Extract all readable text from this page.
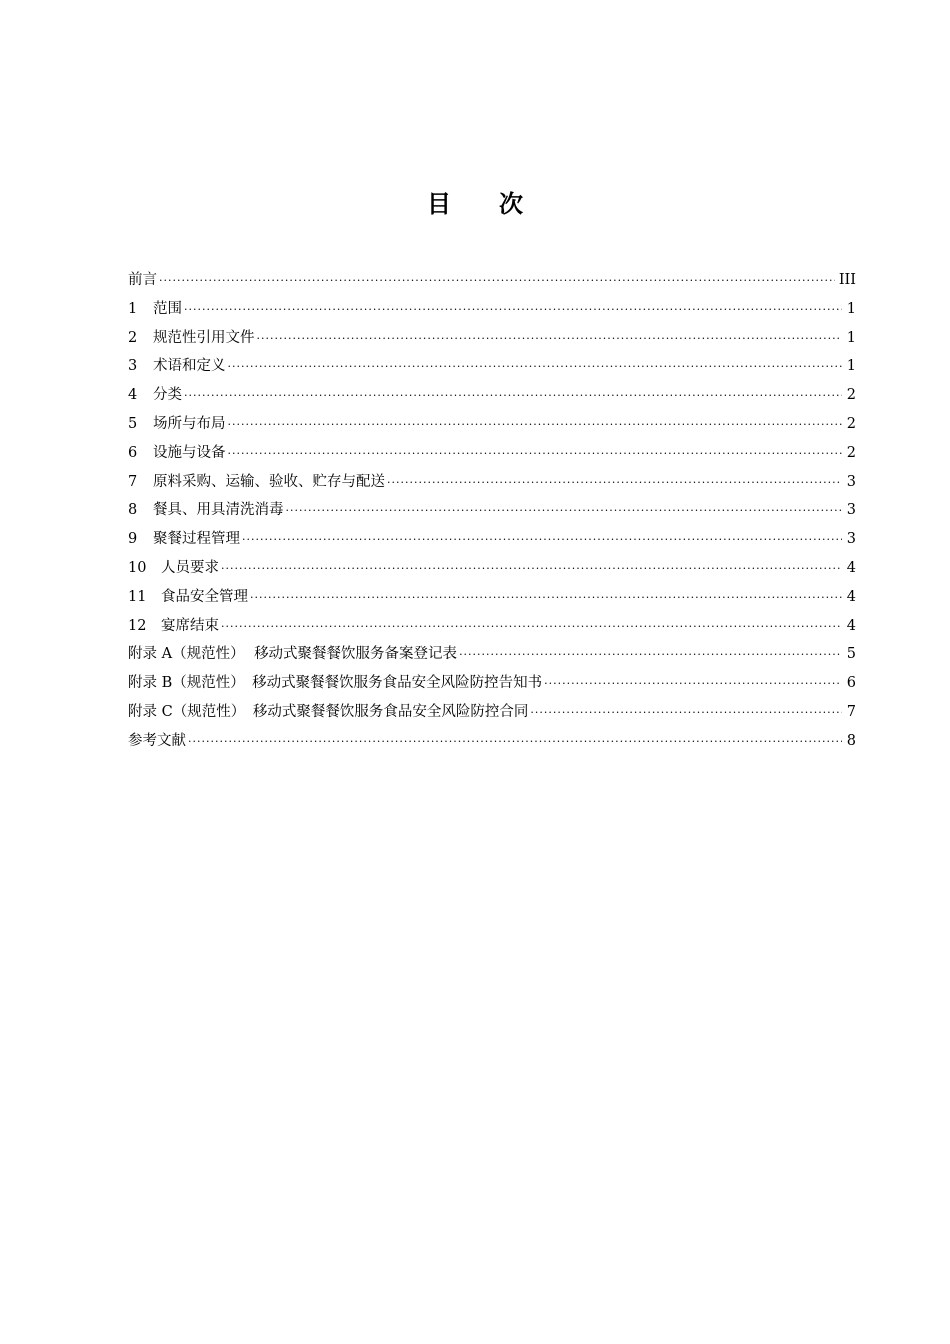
目 次
前言 ·····	III
1	范围 ·····	1
2	规范性引用文件 ·····	1
3	术语和定义 ·····	1
4	分类 ·····	2
5	场所与布局 ·····	2
6	设施与设备 ·····	2
7	原料采购、运输、验收、贮存与配送 ·····	3
8	餐具、用具清洗消毒 ·····	3
9	聚餐过程管理 ·····	3
10	人员要求 ·····	4
11	食品安全管理 ·····	4
12	宴席结束 ·····	4
附录 A（规范性） 移动式聚餐餐饮服务备案登记表 ·····	5
附录 B（规范性） 移动式聚餐餐饮服务食品安全风险防控告知书 ·····	6
附录 C（规范性） 移动式聚餐餐饮服务食品安全风险防控合同 ·····	7
参考文献 ·····	8
